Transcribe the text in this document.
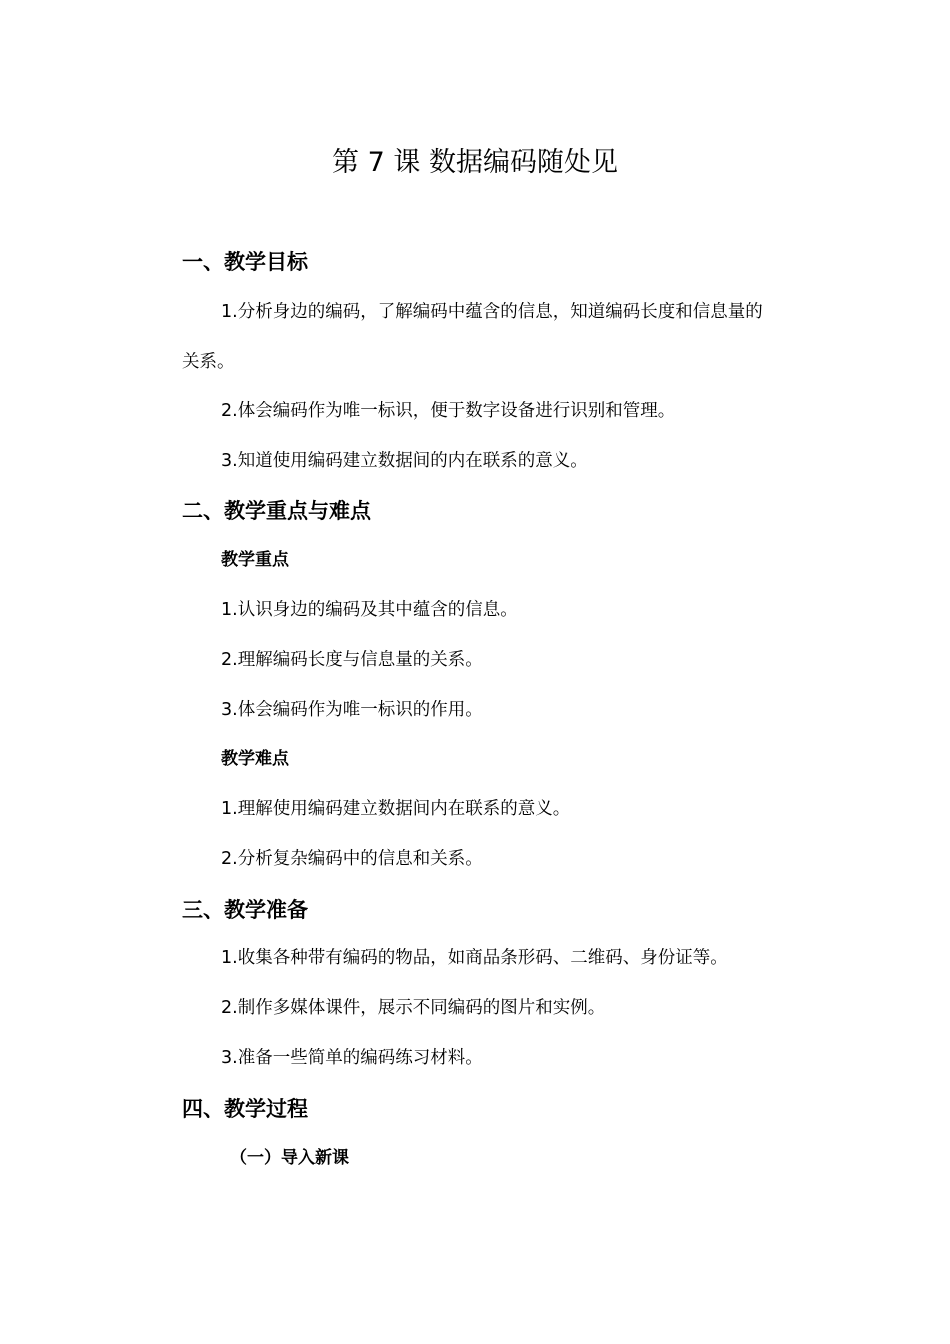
第 7 课 数据编码随处见
一、教学目标

1.分析身边的编码，了解编码中蕴含的信息，知道编码长度和信息量的关系。

2.体会编码作为唯一标识，便于数字设备进行识别和管理。

3.知道使用编码建立数据间的内在联系的意义。

二、教学重点与难点
教学重点

1.认识身边的编码及其中蕴含的信息。

2.理解编码长度与信息量的关系。

3.体会编码作为唯一标识的作用。

教学难点

1.理解使用编码建立数据间内在联系的意义。

2.分析复杂编码中的信息和关系。

三、教学准备

1.收集各种带有编码的物品，如商品条形码、二维码、身份证等。

2.制作多媒体课件，展示不同编码的图片和实例。

3.准备一些简单的编码练习材料。

四、教学过程
（一）导入新课
